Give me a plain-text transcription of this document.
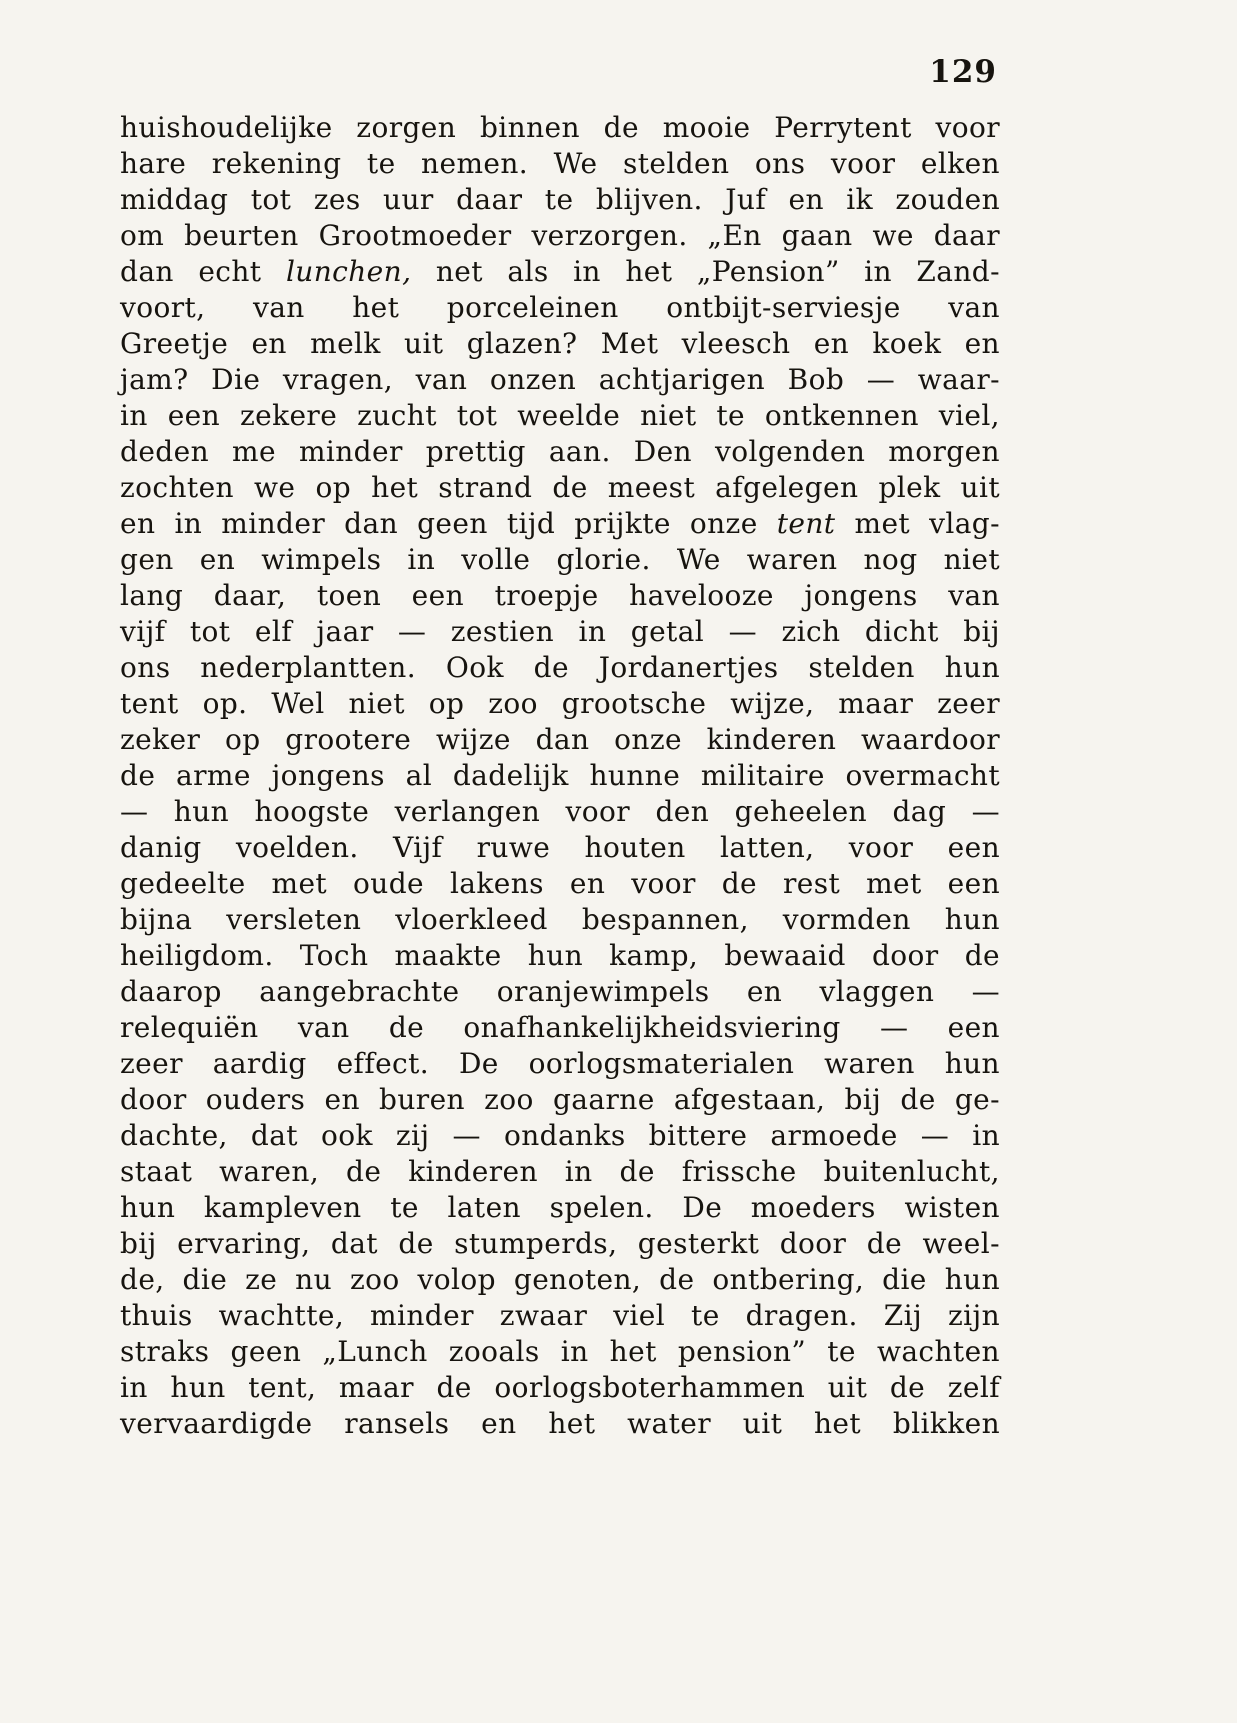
129
huishoudelijke zorgen binnen de mooie Perrytent voor
hare rekening te nemen. We stelden ons voor elken
middag tot zes uur daar te blijven. Juf en ik zouden
om beurten Grootmoeder verzorgen. „En gaan we daar
dan echt lunchen, net als in het „Pension” in Zand-
voort, van het porceleinen ontbijt-serviesje van
Greetje en melk uit glazen? Met vleesch en koek en
jam? Die vragen, van onzen achtjarigen Bob — waar-
in een zekere zucht tot weelde niet te ontkennen viel,
deden me minder prettig aan. Den volgenden morgen
zochten we op het strand de meest afgelegen plek uit
en in minder dan geen tijd prijkte onze tent met vlag-
gen en wimpels in volle glorie. We waren nog niet
lang daar, toen een troepje havelooze jongens van
vijf tot elf jaar — zestien in getal — zich dicht bij
ons nederplantten. Ook de Jordanertjes stelden hun
tent op. Wel niet op zoo grootsche wijze, maar zeer
zeker op grootere wijze dan onze kinderen waardoor
de arme jongens al dadelijk hunne militaire overmacht
— hun hoogste verlangen voor den geheelen dag —
danig voelden. Vijf ruwe houten latten, voor een
gedeelte met oude lakens en voor de rest met een
bijna versleten vloerkleed bespannen, vormden hun
heiligdom. Toch maakte hun kamp, bewaaid door de
daarop aangebrachte oranjewimpels en vlaggen —
relequiën van de onafhankelijkheidsviering — een
zeer aardig effect. De oorlogsmaterialen waren hun
door ouders en buren zoo gaarne afgestaan, bij de ge-
dachte, dat ook zij — ondanks bittere armoede — in
staat waren, de kinderen in de frissche buitenlucht,
hun kampleven te laten spelen. De moeders wisten
bij ervaring, dat de stumperds, gesterkt door de weel-
de, die ze nu zoo volop genoten, de ontbering, die hun
thuis wachtte, minder zwaar viel te dragen. Zij zijn
straks geen „Lunch zooals in het pension” te wachten
in hun tent, maar de oorlogsboterhammen uit de zelf
vervaardigde ransels en het water uit het blikken
